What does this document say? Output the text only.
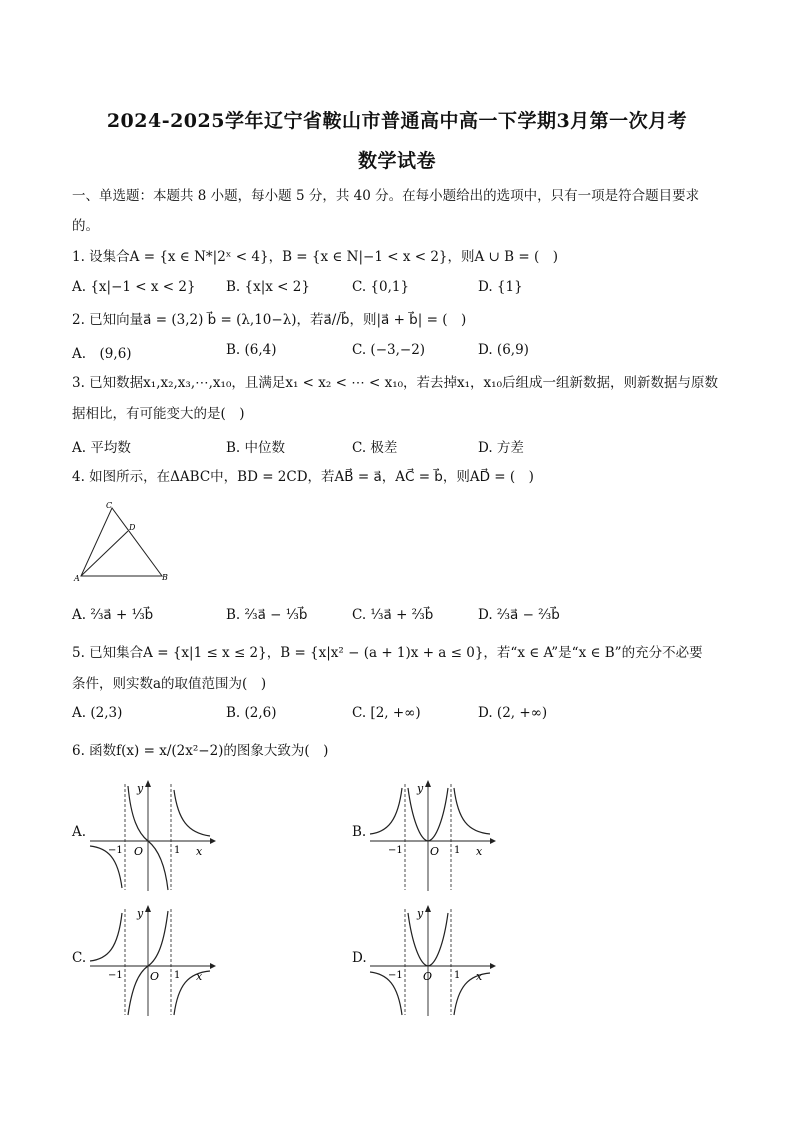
2024-2025学年辽宁省鞍山市普通高中高一下学期3月第一次月考
数学试卷
一、单选题：本题共 8 小题，每小题 5 分，共 40 分。在每小题给出的选项中，只有一项是符合题目要求
的。
1. 设集合A = {x ∈ N*|2ˣ < 4}，B = {x ∈ N|−1 < x < 2}，则A ∪ B = (　)
A. {x|−1 < x < 2} B. {x|x < 2}	C. {0,1}	D. {1}
2. 已知向量a⃗ = (3,2) b⃗ = (λ,10−λ)，若a⃗//b⃗，则|a⃗ + b⃗| = (　)
A.　(9,6)	B. (6,4)	C. (−3,−2)	D. (6,9)
3. 已知数据x₁,x₂,x₃,⋯,x₁₀，且满足x₁ < x₂ < ⋯ < x₁₀，若去掉x₁，x₁₀后组成一组新数据，则新数据与原数
据相比，有可能变大的是(　)
A. 平均数	B. 中位数	C. 极差	D. 方差
4. 如图所示，在ΔABC中，BD = 2CD，若AB⃗ = a⃗，AC⃗ = b⃗，则AD⃗ = (　)
A	B
C
D
A. ⅔a⃗ + ⅓b⃗	B. ⅔a⃗ − ⅓b⃗	C. ⅓a⃗ + ⅔b⃗	D. ⅔a⃗ − ⅔b⃗
5. 已知集合A = {x|1 ≤ x ≤ 2}，B = {x|x² − (a + 1)x + a ≤ 0}，若“x ∈ A”是“x ∈ B”的充分不必要
条件，则实数a的取值范围为(　)
A. (2,3)	B. (2,6)	C. [2, +∞)	D. (2, +∞)
6. 函数f(x) = x/(2x²−2)的图象大致为(　)
A.
−1	1
O	x
y
B.
−1	1
O	x
y
C.
−1	1
O	x
y
D.
−1	1
O	x
y
